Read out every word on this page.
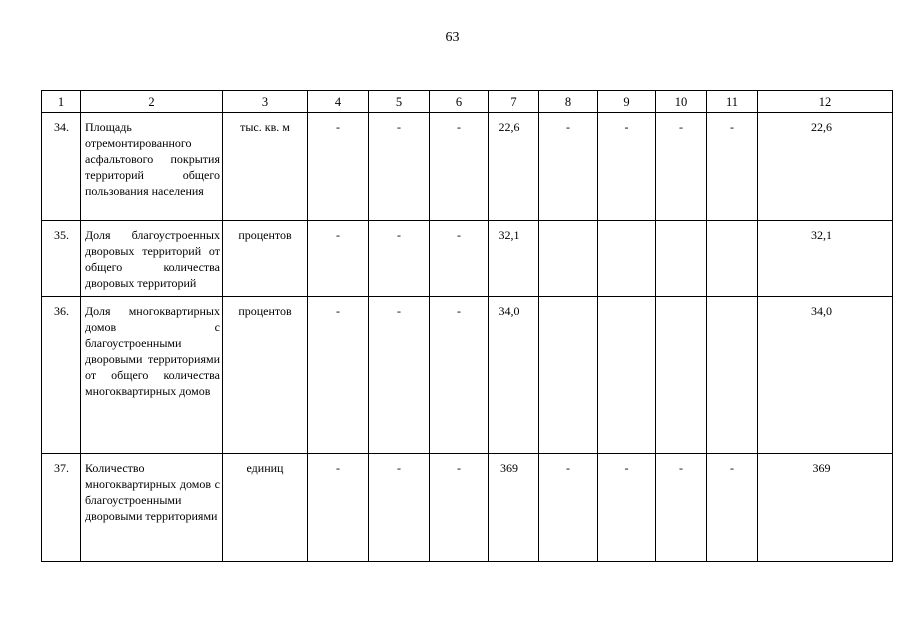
63
1	2	3	4	5	6	7	8	9	10	11	12
34.	Площадь отремонтированного асфальтового покрытия территорий общего пользования населения	тыс. кв. м	-	-	-	22,6	-	-	-	-	22,6
35.	Доля благоустроенных дворовых территорий от общего количества дворовых территорий	процентов	-	-	-	32,1					32,1
36.	Доля многоквартирных домов с благоустроенными дворовыми территориями от общего количества многоквартирных домов	процентов	-	-	-	34,0					34,0
37.	Количество многоквартирных домов с благоустроенными дворовыми территориями	единиц	-	-	-	369	-	-	-	-	369
